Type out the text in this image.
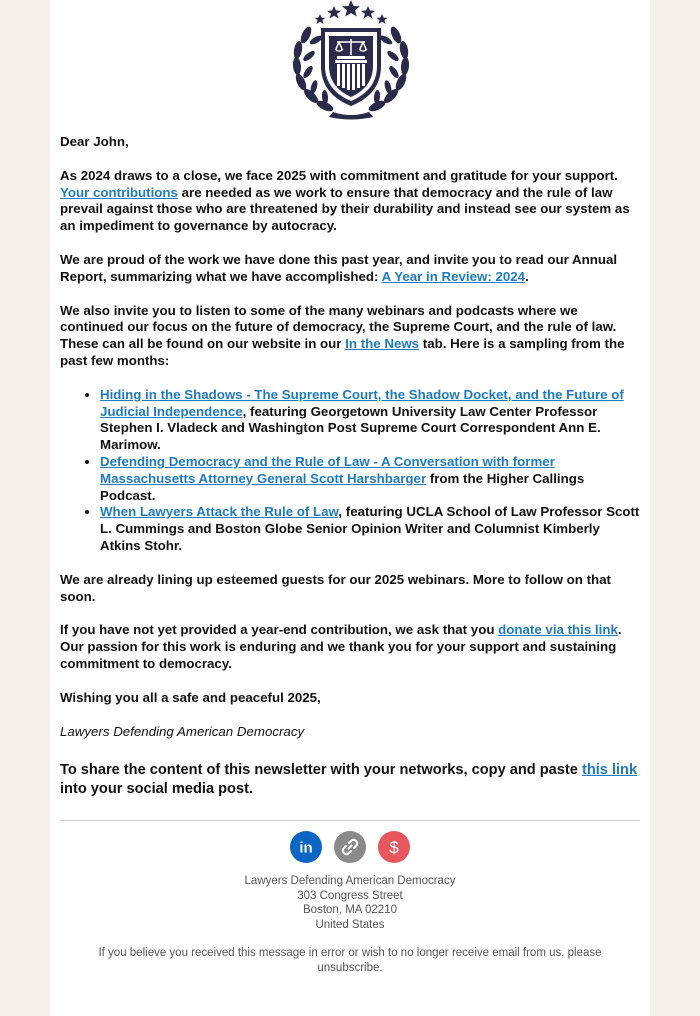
Dear John,

As 2024 draws to a close, we face 2025 with commitment and gratitude for your support. Your contributions are needed as we work to ensure that democracy and the rule of law prevail against those who are threatened by their durability and instead see our system as an impediment to governance by autocracy.

We are proud of the work we have done this past year, and invite you to read our Annual Report, summarizing what we have accomplished: A Year in Review: 2024.

We also invite you to listen to some of the many webinars and podcasts where we continued our focus on the future of democracy, the Supreme Court, and the rule of law. These can all be found on our website in our In the News tab. Here is a sampling from the past few months:

• Hiding in the Shadows - The Supreme Court, the Shadow Docket, and the Future of Judicial Independence, featuring Georgetown University Law Center Professor Stephen I. Vladeck and Washington Post Supreme Court Correspondent Ann E. Marimow.
• Defending Democracy and the Rule of Law - A Conversation with former Massachusetts Attorney General Scott Harshbarger from the Higher Callings Podcast.
• When Lawyers Attack the Rule of Law, featuring UCLA School of Law Professor Scott L. Cummings and Boston Globe Senior Opinion Writer and Columnist Kimberly Atkins Stohr.

We are already lining up esteemed guests for our 2025 webinars. More to follow on that soon.

If you have not yet provided a year-end contribution, we ask that you donate via this link. Our passion for this work is enduring and we thank you for your support and sustaining commitment to democracy.

Wishing you all a safe and peaceful 2025,

Lawyers Defending American Democracy

To share the content of this newsletter with your networks, copy and paste this link into your social media post.

in

	$
Lawyers Defending American Democracy
303 Congress Street
Boston, MA 02210
United States
If you believe you received this message in error or wish to no longer receive email from us, please unsubscribe.
